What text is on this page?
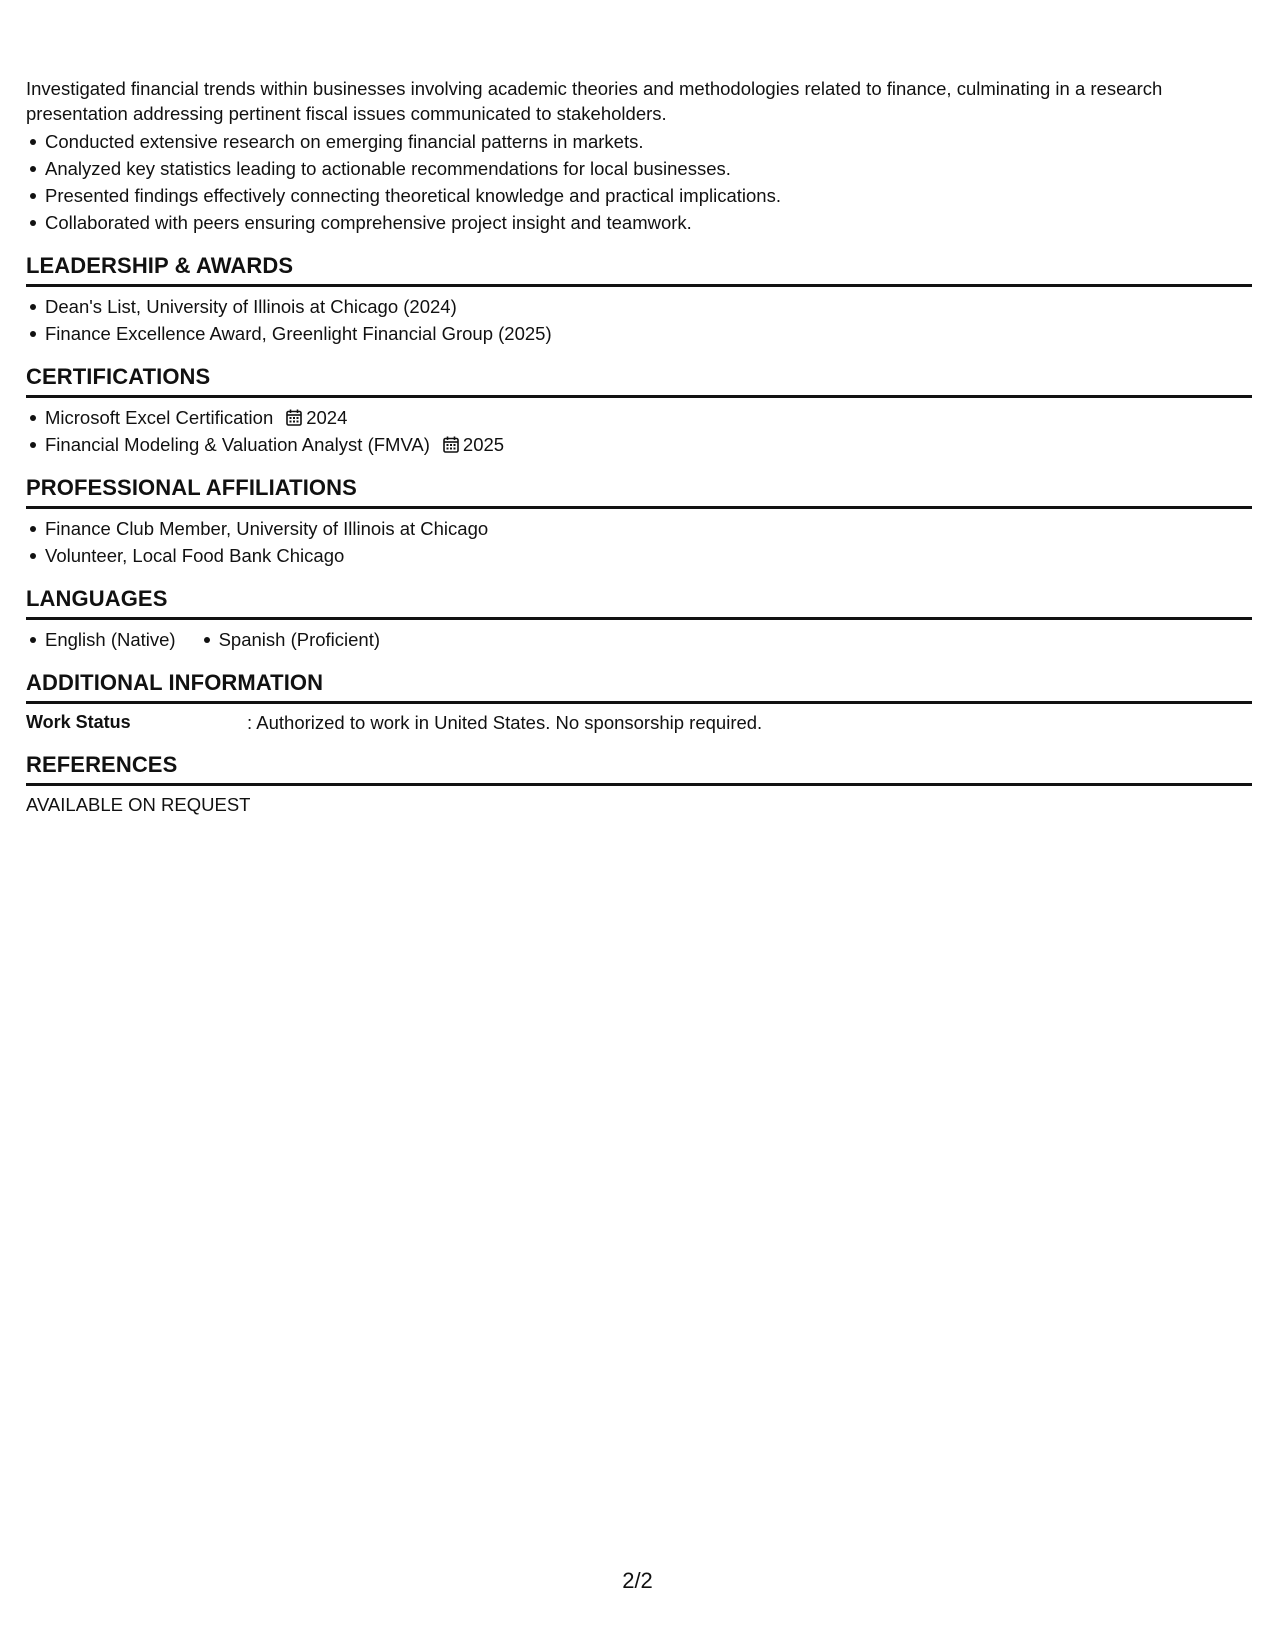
Investigated financial trends within businesses involving academic theories and methodologies related to finance, culminating in a research presentation addressing pertinent fiscal issues communicated to stakeholders.

Conducted extensive research on emerging financial patterns in markets.
Analyzed key statistics leading to actionable recommendations for local businesses.
Presented findings effectively connecting theoretical knowledge and practical implications.
Collaborated with peers ensuring comprehensive project insight and teamwork.
LEADERSHIP & AWARDS
Dean's List, University of Illinois at Chicago (2024)
Finance Excellence Award, Greenlight Financial Group (2025)
CERTIFICATIONS
Microsoft Excel Certification 2024
Financial Modeling & Valuation Analyst (FMVA) 2025
PROFESSIONAL AFFILIATIONS
Finance Club Member, University of Illinois at Chicago
Volunteer, Local Food Bank Chicago
LANGUAGES
English (Native)	Spanish (Proficient)
ADDITIONAL INFORMATION
Work Status	: Authorized to work in United States. No sponsorship required.
REFERENCES
AVAILABLE ON REQUEST
2/2
